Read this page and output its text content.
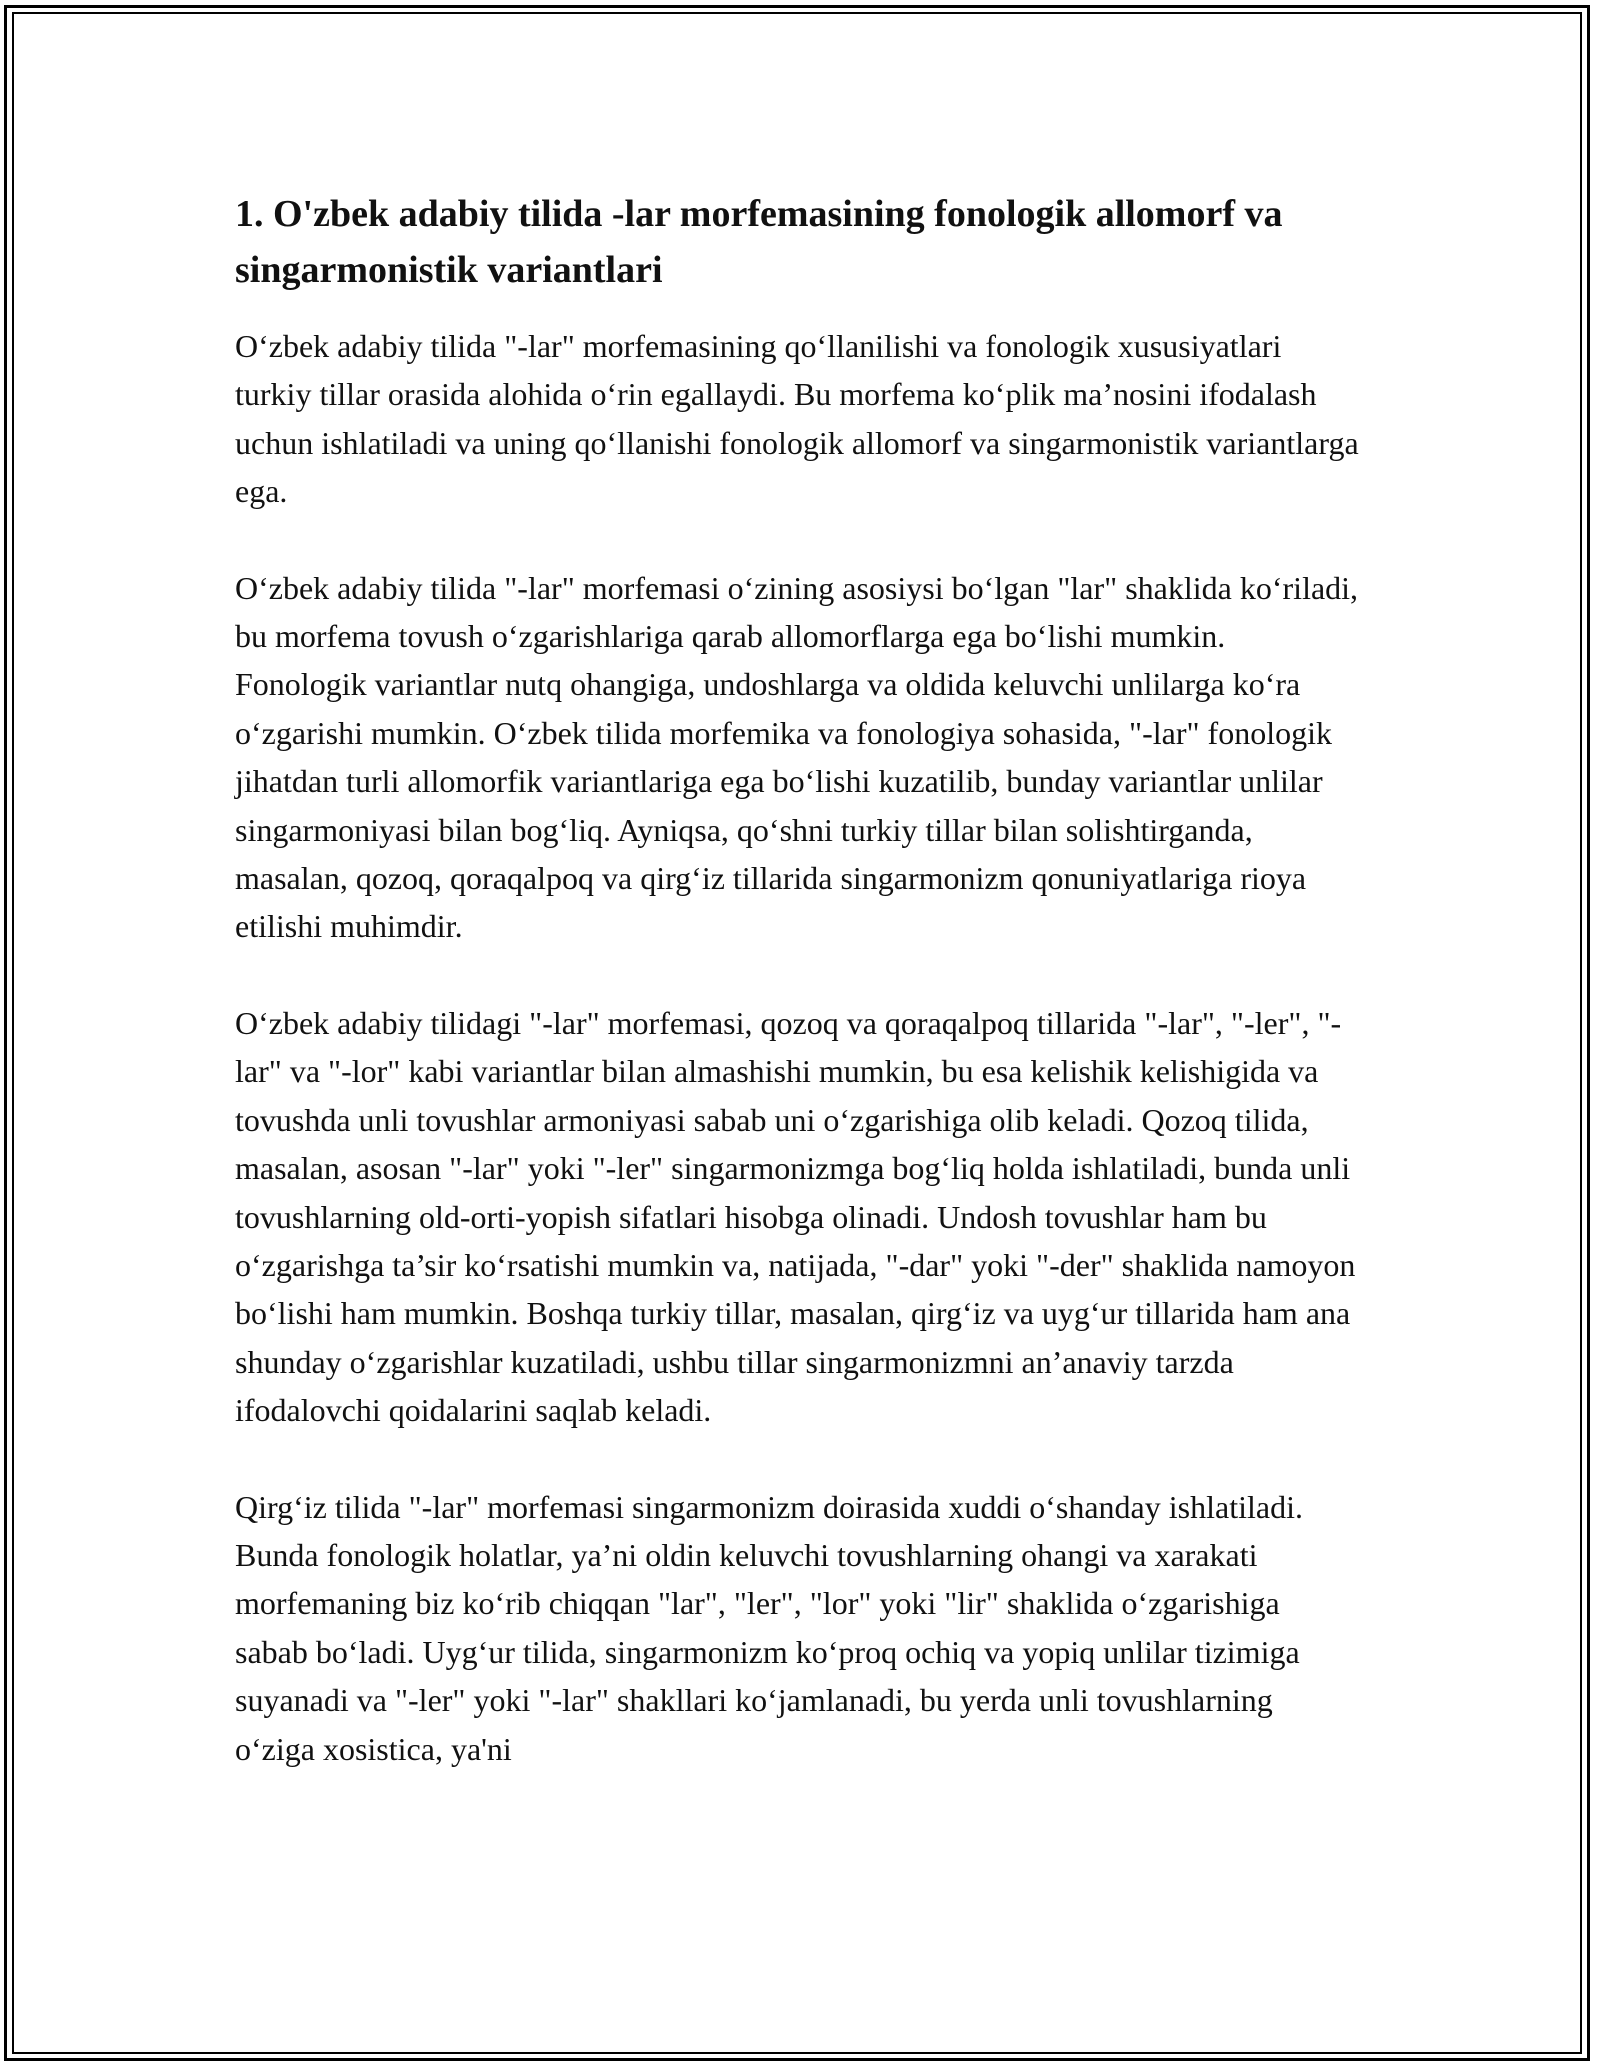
1. O'zbek adabiy tilida -lar morfemasining fonologik allomorf va singarmonistik variantlari

O‘zbek adabiy tilida "-lar" morfemasining qo‘llanilishi va fonologik xususiyatlari turkiy tillar orasida alohida o‘rin egallaydi. Bu morfema ko‘plik ma’nosini ifodalash uchun ishlatiladi va uning qo‘llanishi fonologik allomorf va singarmonistik variantlarga ega.

O‘zbek adabiy tilida "-lar" morfemasi o‘zining asosiysi bo‘lgan "lar" shaklida ko‘riladi, bu morfema tovush o‘zgarishlariga qarab allomorflarga ega bo‘lishi mumkin. Fonologik variantlar nutq ohangiga, undoshlarga va oldida keluvchi unlilarga ko‘ra o‘zgarishi mumkin. O‘zbek tilida morfemika va fonologiya sohasida, "-lar" fonologik jihatdan turli allomorfik variantlariga ega bo‘lishi kuzatilib, bunday variantlar unlilar singarmoniyasi bilan bog‘liq. Ayniqsa, qo‘shni turkiy tillar bilan solishtirganda, masalan, qozoq, qoraqalpoq va qirg‘iz tillarida singarmonizm qonuniyatlariga rioya etilishi muhimdir.

O‘zbek adabiy tilidagi "-lar" morfemasi, qozoq va qoraqalpoq tillarida "-lar", "-ler", "-lar" va "-lor" kabi variantlar bilan almashishi mumkin, bu esa kelishik kelishigida va tovushda unli tovushlar armoniyasi sabab uni o‘zgarishiga olib keladi. Qozoq tilida, masalan, asosan "-lar" yoki "-ler" singarmonizmga bog‘liq holda ishlatiladi, bunda unli tovushlarning old-orti-yopish sifatlari hisobga olinadi. Undosh tovushlar ham bu o‘zgarishga ta’sir ko‘rsatishi mumkin va, natijada, "-dar" yoki "-der" shaklida namoyon bo‘lishi ham mumkin. Boshqa turkiy tillar, masalan, qirg‘iz va uyg‘ur tillarida ham ana shunday o‘zgarishlar kuzatiladi, ushbu tillar singarmonizmni an’anaviy tarzda ifodalovchi qoidalarini saqlab keladi.

Qirg‘iz tilida "-lar" morfemasi singarmonizm doirasida xuddi o‘shanday ishlatiladi. Bunda fonologik holatlar, ya’ni oldin keluvchi tovushlarning ohangi va xarakati morfemaning biz ko‘rib chiqqan "lar", "ler", "lor" yoki "lir" shaklida o‘zgarishiga sabab bo‘ladi. Uyg‘ur tilida, singarmonizm ko‘proq ochiq va yopiq unlilar tizimiga suyanadi va "-ler" yoki "-lar" shakllari ko‘jamlanadi, bu yerda unli tovushlarning o‘ziga xosistica, ya'ni
